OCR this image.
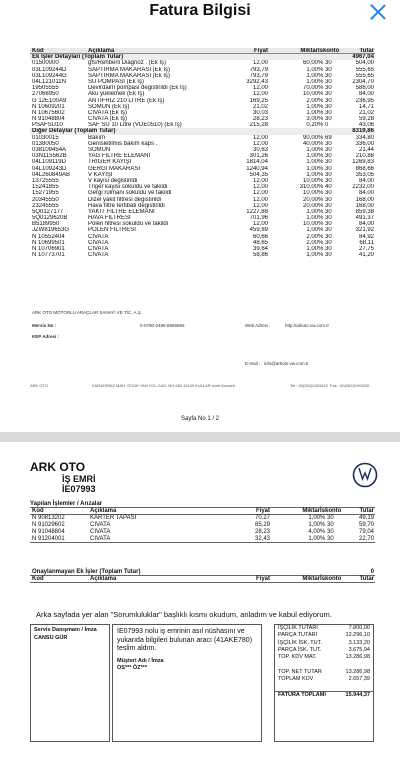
Fatura Bilgisi
Kod	Açıklama	Fiyat	Miktar Iskonto	Tutar
Ek İşler Detayları (Toplam Tutar)	4967,04
01500000	gfs/Rehberli Diagnoz . (Ek İş)	12,00	60,00 % 30	504,00
03L109244D	SAPTIRMA MAKARASI (Ek İş)	793,79	1,00 % 30	555,65
03L109244G	SAPTIRMA MAKARASI (Ek İş)	793,79	1,00 % 30	555,65
04L121011N	SU POMPASI (Ek İş)	3292,43	1,00 % 30	2304,70
19505555	Devirdaim pompasi degistirildi (Ek İş)	12,00	70,00 % 30	588,00
27068950	Aku yuklemek (Ek İş)	12,00	10,00 % 30	84,00
G 12E100A9	ANTIFRIZ 210 LITRE (Ek İş)	169,25	2,00 % 30	236,95
N 10609201	SOMUN (Ek İş)	21,02	1,00 % 30	14,71
N 10675602	CIVATA (Ek İş)	30,03	1,00 % 30	21,02
N 91048804	CIVATA (Ek İş)	28,23	3,00 % 30	59,28
PSAFSU10	SAF SU 10 Litre (VDE0510) (Ek İş)	215,28	0,20 % 0	43,06
Diğer Detaylar (Toplam Tutar)	8319,86
01030015	Bakım	12,00	90,00 % 69	334,80
01380050	Genisletilmis bakim kaps .	12,00	40,00 % 30	336,00
038109454A	SOMUN	30,63	1,00 % 30	21,44
03N115562B	YAĞ FİLTRE ELEMANI	301,26	1,00 % 30	210,88
04L109119D	TRİGER KAYIŞI	1814,04	1,00 % 30	1269,83
04L109243D	GERGİ MAKARASI	1240,94	1,00 % 30	868,66
04L260849AB	V KAYIŞI	504,35	1,00 % 30	353,05
13725555	V kayısi degistirildi	12,00	10,00 % 30	84,00
15241855	Triger kayisi sokuldu ve takildi	12,00	310,00 % 40	2232,00
15271955	Gergi rulmani sokuldu ve takildi	12,00	10,00 % 30	84,00
20345550	Dizel yakit filtresi degistirildi	12,00	20,00 % 30	168,00
23245555	Hava filtre tertibati degistirildi	12,00	20,00 % 30	168,00
5Q0127177	YAKIT FİLTRE ELEMANI	1227,88	1,00 % 30	859,38
5Q0129620B	HAVA FİLTRESİ	701,96	1,00 % 30	491,37
B5189950	Polen filtresi sokuldu ve takildi	12,00	10,00 % 30	84,00
JZW819653G	POLEN FİLTRESİ	459,89	1,00 % 30	321,92
N 10552404	CIVATA	60,66	2,00 % 30	84,92
N 10699501	CIVATA	48,65	2,00 % 30	68,11
N 10706901	CIVATA	39,64	1,00 % 30	27,75
N 10773701	CIVATA	58,86	1,00 % 30	41,20
ARK OTO MOTORLU ARAÇLAR SANAYİ VE TİC. A.Ş.
Mersis No :	0-0790-0486-8966856	Web Adresi :	http://arkoto.vw.com.tr
KEP Adresi :
E-mail : info@arkoto.vw.com.tr
ARK OTO	KARADENIZ MAH. ÖCÜK YAN YOL CAD. NO:282 41140 KULLAR Izmit Kocaeli	Tel : 00(262)2493420 Fax : 00(262)2493230
Sayfa No 1 / 2
ARK OTO
İŞ EMRİ
İE07993
Yapılan İşlemler / Arızalar
Kod	Açıklama	Fiyat	Miktar İskonto	Tutar
N 90813202	KARTER TAPASI	70,27	1,00 % 30	49,19
N 91029602	CIVATA	85,29	1,00 % 30	59,70
N 91048804	CIVATA	28,23	4,00 % 30	79,04
N 91204001	CIVATA	32,43	1,00 % 30	22,70
Onaylanmayan Ek İşler (Toplam Tutar)	0
Kod	Açıklama	Fiyat	Miktar İskonto	Tutar
Arka sayfada yer alan "Sorumluluklar" başlıklı kısmı okudum, anladım ve kabul ediyorum.
Servis Danışmanı / İmza
CANSU GÜR
İE07993 nolu iş emrinin asıl nüshasını ve yukarıda bilgileri bulunan aracı (41AKE780) teslim aldım.
Müşteri Adı / İmza
OS*** ÖZ***
İŞÇİLİK TUTARI	7.800,00
PARÇA TUTARI	12.296,10
İŞÇİLİK İSK. TUT.	3.133,20
PARÇA İSK. TUT.	3.675,94
TOP. KDV MAT.	13.286,98
TOP. NET TUTAR	13.286,98
TOPLAM KDV	2.657,39
FATURA TOPLAMI	15.944,37
